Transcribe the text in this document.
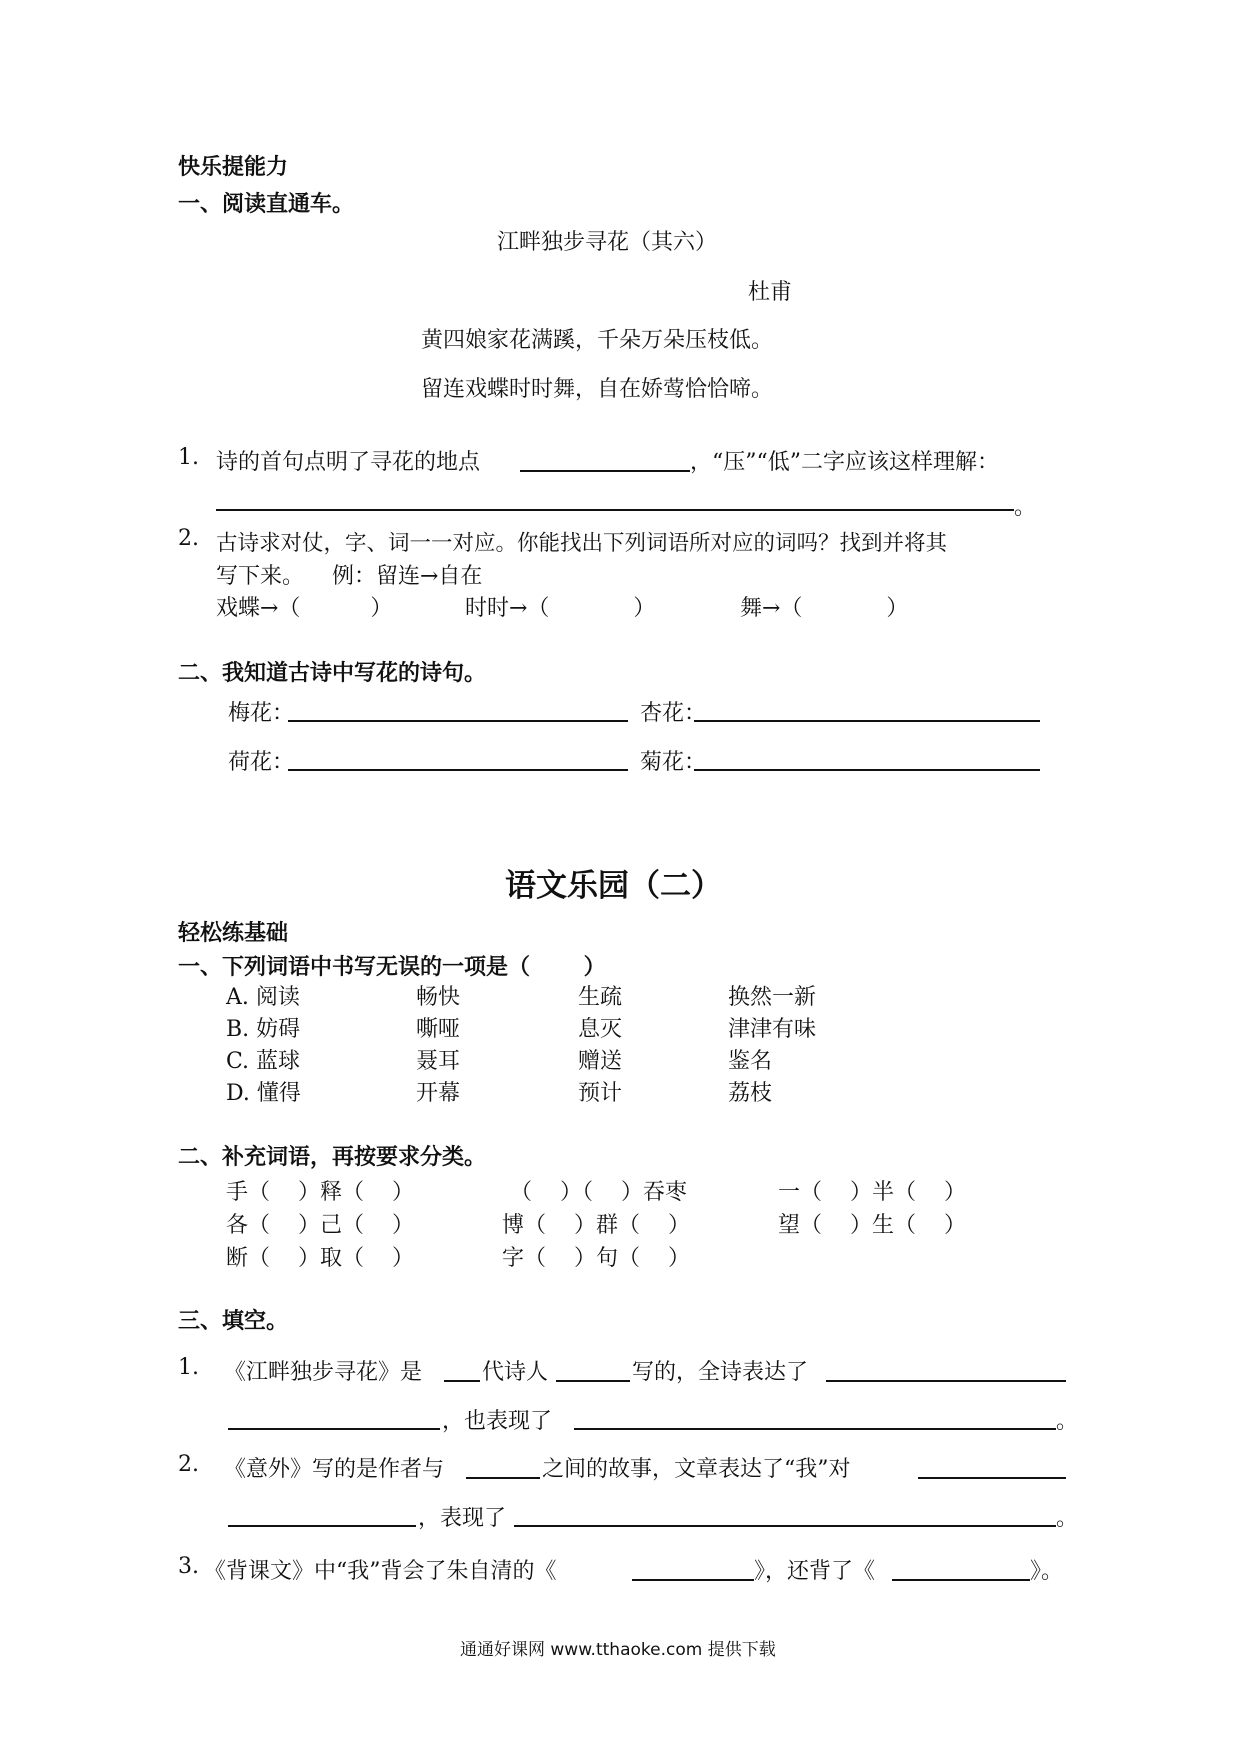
快乐提能力
一、阅读直通车。
江畔独步寻花（其六）
杜甫
黄四娘家花满蹊，千朵万朵压枝低。
留连戏蝶时时舞，自在娇莺恰恰啼。
1. 诗的首句点明了寻花的地点	，“压”“低”二字应该这样理解：
。
2. 古诗求对仗，字、词一一对应。你能找出下列词语所对应的词吗？找到并将其
写下来。    例：留连→自在
戏蝶→（          ）	时时→（            ）	舞→（            ）
二、我知道古诗中写花的诗句。
梅花：	杏花：
荷花：	菊花：
语文乐园（二）
轻松练基础
一、下列词语中书写无误的一项是（       ）
A. 阅读	畅快	生疏	换然一新
B. 妨碍	嘶哑	息灭	津津有味
C. 蓝球	聂耳	赠送	鉴名
D. 懂得	开幕	预计	荔枝
二、补充词语，再按要求分类。
手（    ）释（    ）	（    ）（    ）吞枣	一（    ）半（    ）
各（    ）己（    ）	博（    ）群（    ）	望（    ）生（    ）
断（    ）取（    ）	字（    ）句（    ）
三、填空。
1. 《江畔独步寻花》是	代诗人	写的，全诗表达了
，也表现了	。
2. 《意外》写的是作者与	之间的故事，文章表达了“我”对
，表现了	。
3. 《背课文》中“我”背会了朱自清的《	》，还背了《	》。
通通好课网 www.tthaoke.com 提供下载
